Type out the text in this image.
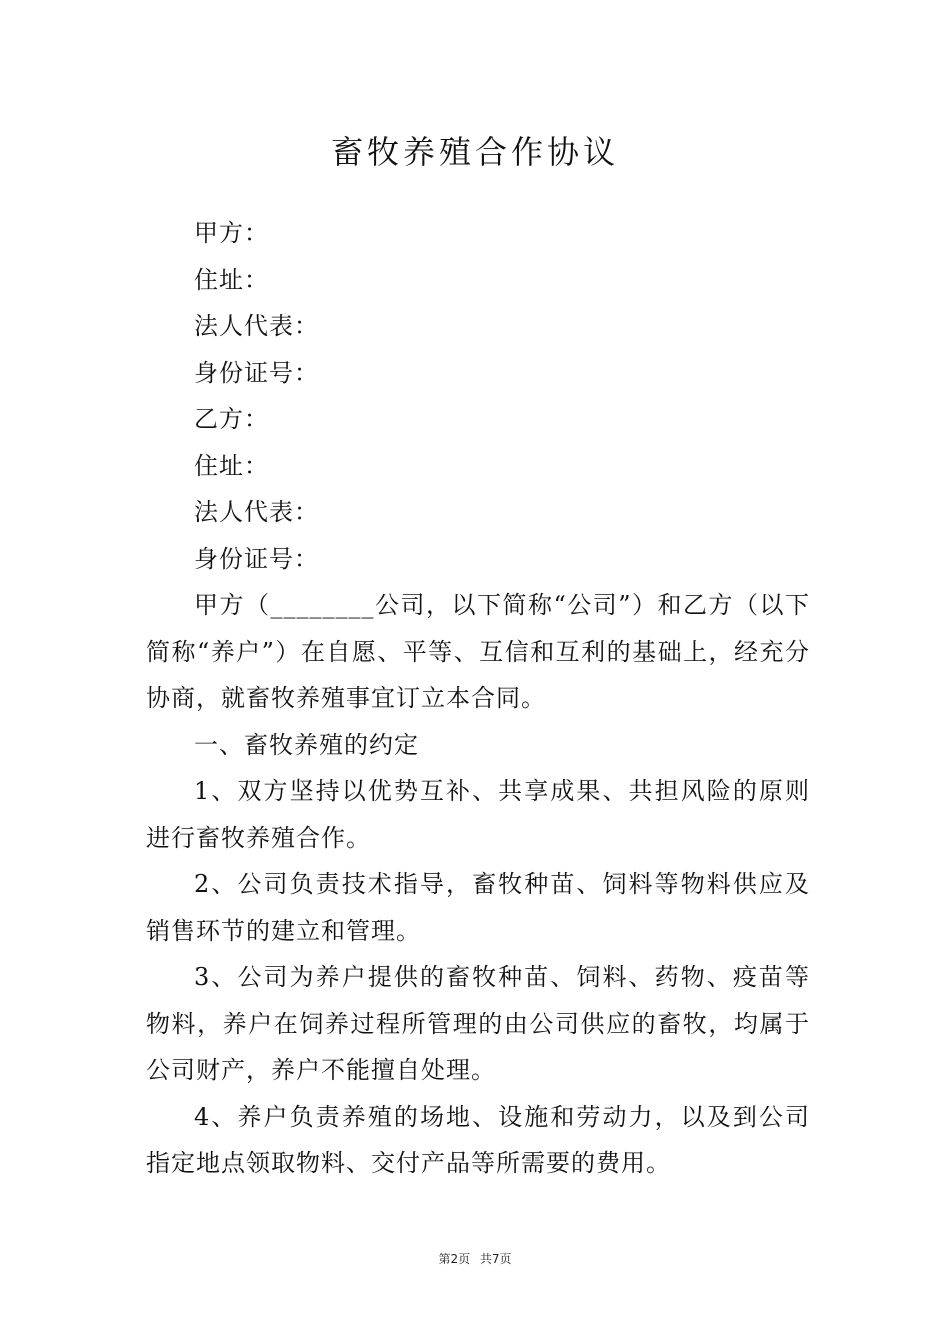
畜牧养殖合作协议

甲方：

住址：

法人代表：

身份证号：

乙方：

住址：

法人代表：

身份证号：

甲方（________公司，以下简称“公司”）和乙方（以下简称“养户”）在自愿、平等、互信和互利的基础上，经充分协商，就畜牧养殖事宜订立本合同。

一、畜牧养殖的约定

1、双方坚持以优势互补、共享成果、共担风险的原则进行畜牧养殖合作。

2、公司负责技术指导，畜牧种苗、饲料等物料供应及销售环节的建立和管理。

3、公司为养户提供的畜牧种苗、饲料、药物、疫苗等物料，养户在饲养过程所管理的由公司供应的畜牧，均属于公司财产，养户不能擅自处理。

4、养户负责养殖的场地、设施和劳动力，以及到公司指定地点领取物料、交付产品等所需要的费用。

第2页 共7页
